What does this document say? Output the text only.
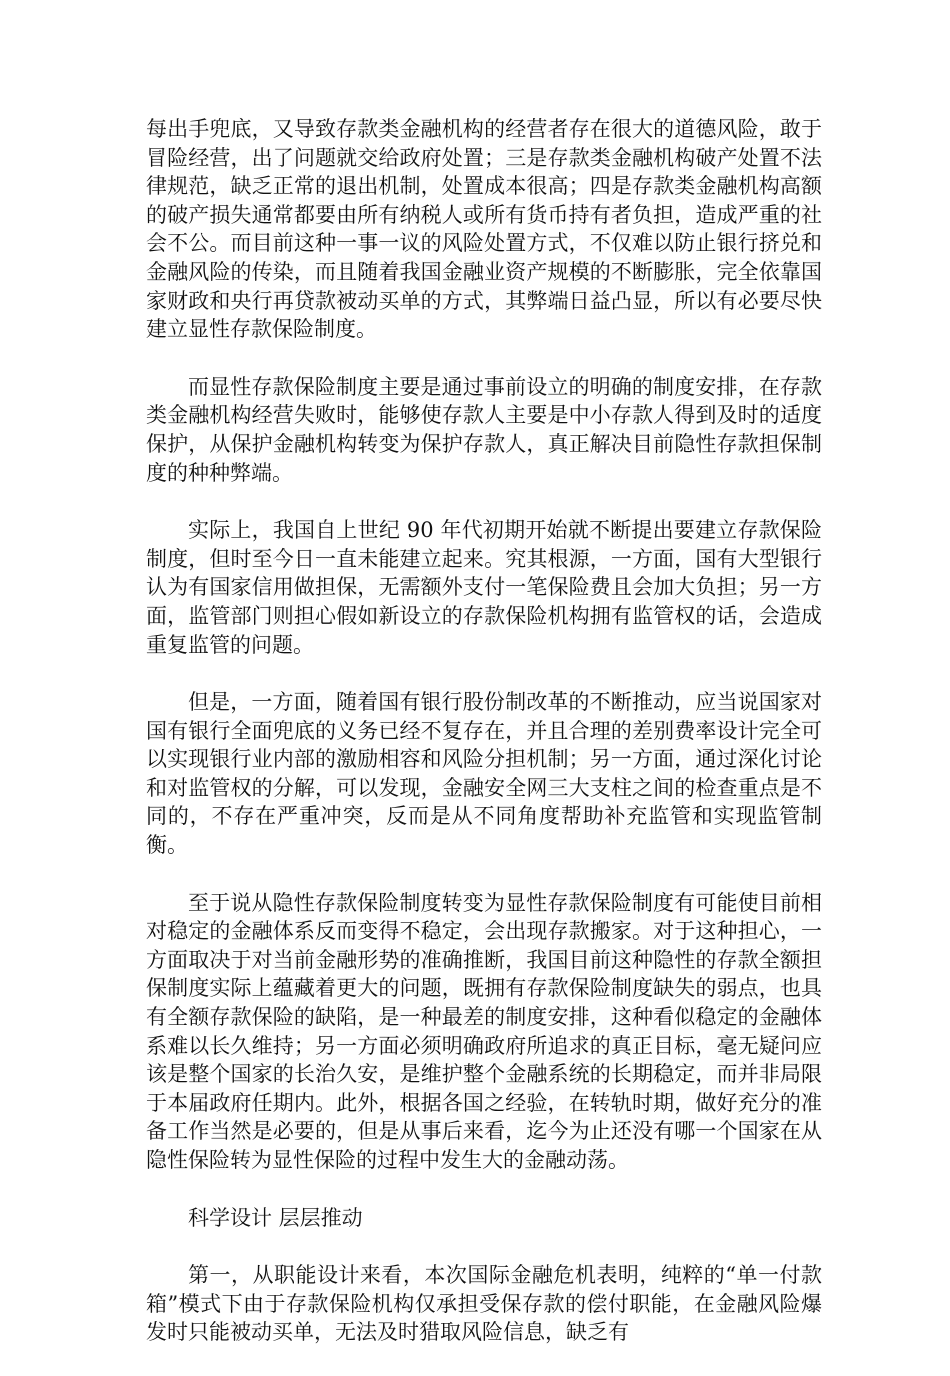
每出手兜底，又导致存款类金融机构的经营者存在很大的道德风险，敢于冒险经营，出了问题就交给政府处置；三是存款类金融机构破产处置不法律规范，缺乏正常的退出机制，处置成本很高；四是存款类金融机构高额的破产损失通常都要由所有纳税人或所有货币持有者负担，造成严重的社会不公。而目前这种一事一议的风险处置方式，不仅难以防止银行挤兑和金融风险的传染，而且随着我国金融业资产规模的不断膨胀，完全依靠国家财政和央行再贷款被动买单的方式，其弊端日益凸显，所以有必要尽快建立显性存款保险制度。

而显性存款保险制度主要是通过事前设立的明确的制度安排，在存款类金融机构经营失败时，能够使存款人主要是中小存款人得到及时的适度保护，从保护金融机构转变为保护存款人，真正解决目前隐性存款担保制度的种种弊端。

实际上，我国自上世纪 90 年代初期开始就不断提出要建立存款保险制度，但时至今日一直未能建立起来。究其根源，一方面，国有大型银行认为有国家信用做担保，无需额外支付一笔保险费且会加大负担；另一方面，监管部门则担心假如新设立的存款保险机构拥有监管权的话，会造成重复监管的问题。

但是，一方面，随着国有银行股份制改革的不断推动，应当说国家对国有银行全面兜底的义务已经不复存在，并且合理的差别费率设计完全可以实现银行业内部的激励相容和风险分担机制；另一方面，通过深化讨论和对监管权的分解，可以发现，金融安全网三大支柱之间的检查重点是不同的，不存在严重冲突，反而是从不同角度帮助补充监管和实现监管制衡。

至于说从隐性存款保险制度转变为显性存款保险制度有可能使目前相对稳定的金融体系反而变得不稳定，会出现存款搬家。对于这种担心，一方面取决于对当前金融形势的准确推断，我国目前这种隐性的存款全额担保制度实际上蕴藏着更大的问题，既拥有存款保险制度缺失的弱点，也具有全额存款保险的缺陷，是一种最差的制度安排，这种看似稳定的金融体系难以长久维持；另一方面必须明确政府所追求的真正目标，毫无疑问应该是整个国家的长治久安，是维护整个金融系统的长期稳定，而并非局限于本届政府任期内。此外，根据各国之经验，在转轨时期，做好充分的准备工作当然是必要的，但是从事后来看，迄今为止还没有哪一个国家在从隐性保险转为显性保险的过程中发生大的金融动荡。

科学设计 层层推动

第一，从职能设计来看，本次国际金融危机表明，纯粹的“单一付款箱”模式下由于存款保险机构仅承担受保存款的偿付职能，在金融风险爆发时只能被动买单，无法及时猎取风险信息，缺乏有
